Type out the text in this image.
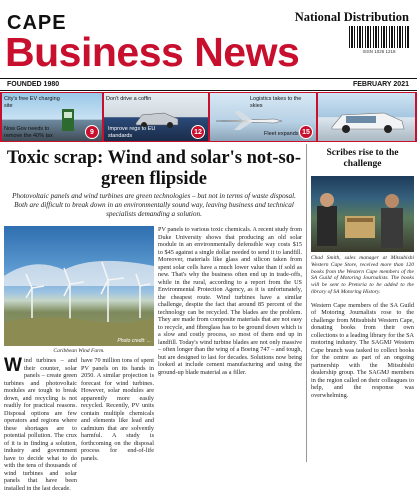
CAPE
Business News
National Distribution
ISSN 1026 1218
FOUNDED 1980	FEBRUARY 2021
City's free EV charging site
Now Gov needs to remove the 40% tax	9
Don't drive a coffin
Improve regs to EU standards	12
Logistics takes to the skies
Fleet expands 15
Toxic scrap: Wind and solar's not-so-green flipside
Photovoltaic panels and wind turbines are green technologies – but not in terms of waste disposal. Both are difficult to break down in an environmentally sound way, leaving business and technical specialists demanding a solution.
Photo credit: ...
Caribbean Wind Farm.
Wind turbines – and their counter, solar panels – create green turbines and photovoltaic modules are tough to break down, and recycling is not readily for practical reasons. Disposal options are few operators and regions where these shortages are to potential pollution. The crux of it is in finding a solution, industry and government have to decide what to do with the tens of thousands of wind turbines and solar panels that have been installed in the last decade.
have 70 million tons of spent PV panels on its hands in 2050. A similar projection is forecast for wind turbines. However, solar modules are apparently more easily recycled. Recently, PV units contain multiple chemicals and elements like lead and cadmium that are solvently harmful. A study is forthcoming on the disposal process for end-of-life panels.
PV panels to various toxic chemicals. A recent study from Duke University shows that producing an old solar module in an environmentally defensible way costs $15 to $45 against a single dollar needed to send it to landfill. Moreover, materials like glass and silicon taken from spent solar cells have a much lower value than if sold as new. That's why the business often end up in trade-offs, while in the rural, according to a report from the US Environmental Protection Agency, as it is unfortunately, the cheapest route. Wind turbines have a similar challenge, despite the fact that around 85 percent of the technology can be recycled. The blades are the problem. They are made from composite materials that are not easy to recycle, and fibreglass has to be ground down which is a slow and costly process, so most of them end up in landfill. Today's wind turbine blades are not only massive – often longer than the wing of a Boeing 747 – and tough, but are designed to last for decades. Solutions now being looked at include cement manufacturing and using the ground-up blade material as a filler.
Scribes rise to the challenge
Chad Smith, sales manager at Mitsubishi Western Cape Store, received more than 120 books from the Western Cape members of the SA Guild of Motoring Journalists. The books will be sent to Pretoria to be added to the library of SA Motoring History.
Western Cape members of the SA Guild of Motoring Journalists rose to the challenge from Mitsubishi Western Cape, donating books from their own collections to a leading library for the SA motoring industry. The SAGMJ Western Cape branch was tasked to collect books for the centre as part of an ongoing partnership with the Mitsubishi dealership group. The SAGMJ members in the region called on their colleagues to help, and the response was overwhelming.
